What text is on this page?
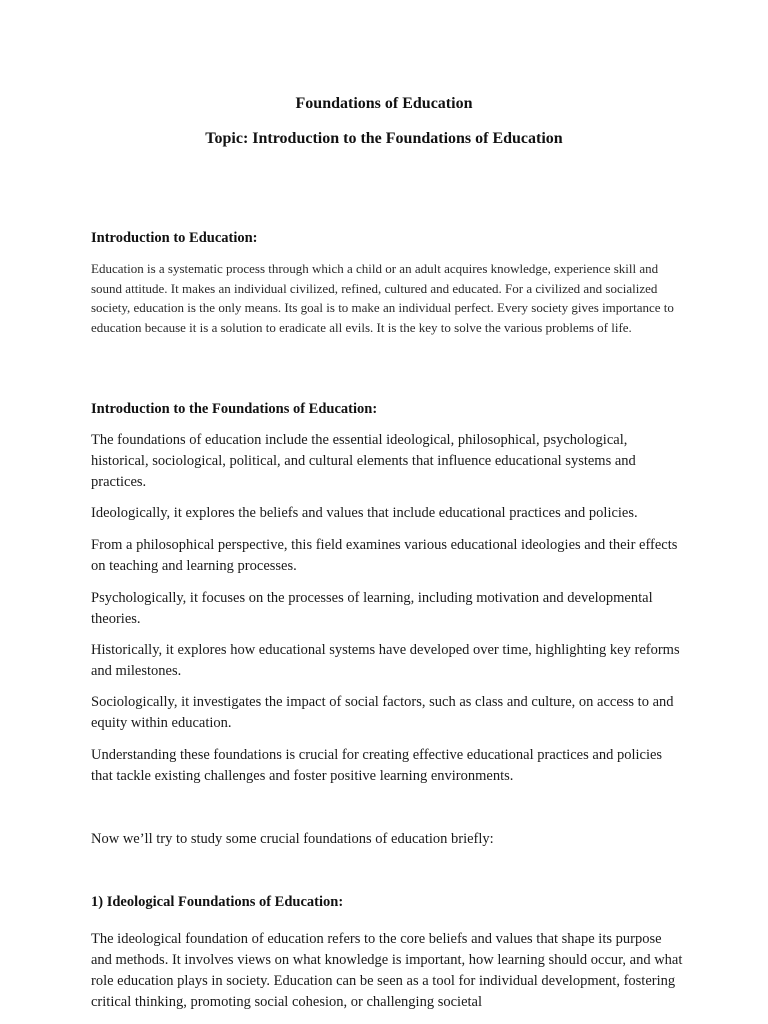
Foundations of Education
Topic: Introduction to the Foundations of Education
Introduction to Education:

Education is a systematic process through which a child or an adult acquires knowledge, experience skill and sound attitude. It makes an individual civilized, refined, cultured and educated. For a civilized and socialized society, education is the only means. Its goal is to make an individual perfect. Every society gives importance to education because it is a solution to eradicate all evils. It is the key to solve the various problems of life.

Introduction to the Foundations of Education:

The foundations of education include the essential ideological, philosophical, psychological, historical, sociological, political, and cultural elements that influence educational systems and practices.

Ideologically, it explores the beliefs and values that include educational practices and policies.

From a philosophical perspective, this field examines various educational ideologies and their effects on teaching and learning processes.

Psychologically, it focuses on the processes of learning, including motivation and developmental theories.

Historically, it explores how educational systems have developed over time, highlighting key reforms and milestones.

Sociologically, it investigates the impact of social factors, such as class and culture, on access to and equity within education.

Understanding these foundations is crucial for creating effective educational practices and policies that tackle existing challenges and foster positive learning environments.

Now we’ll try to study some crucial foundations of education briefly:

1) Ideological Foundations of Education:

The ideological foundation of education refers to the core beliefs and values that shape its purpose and methods. It involves views on what knowledge is important, how learning should occur, and what role education plays in society. Education can be seen as a tool for individual development, fostering critical thinking, promoting social cohesion, or challenging societal
